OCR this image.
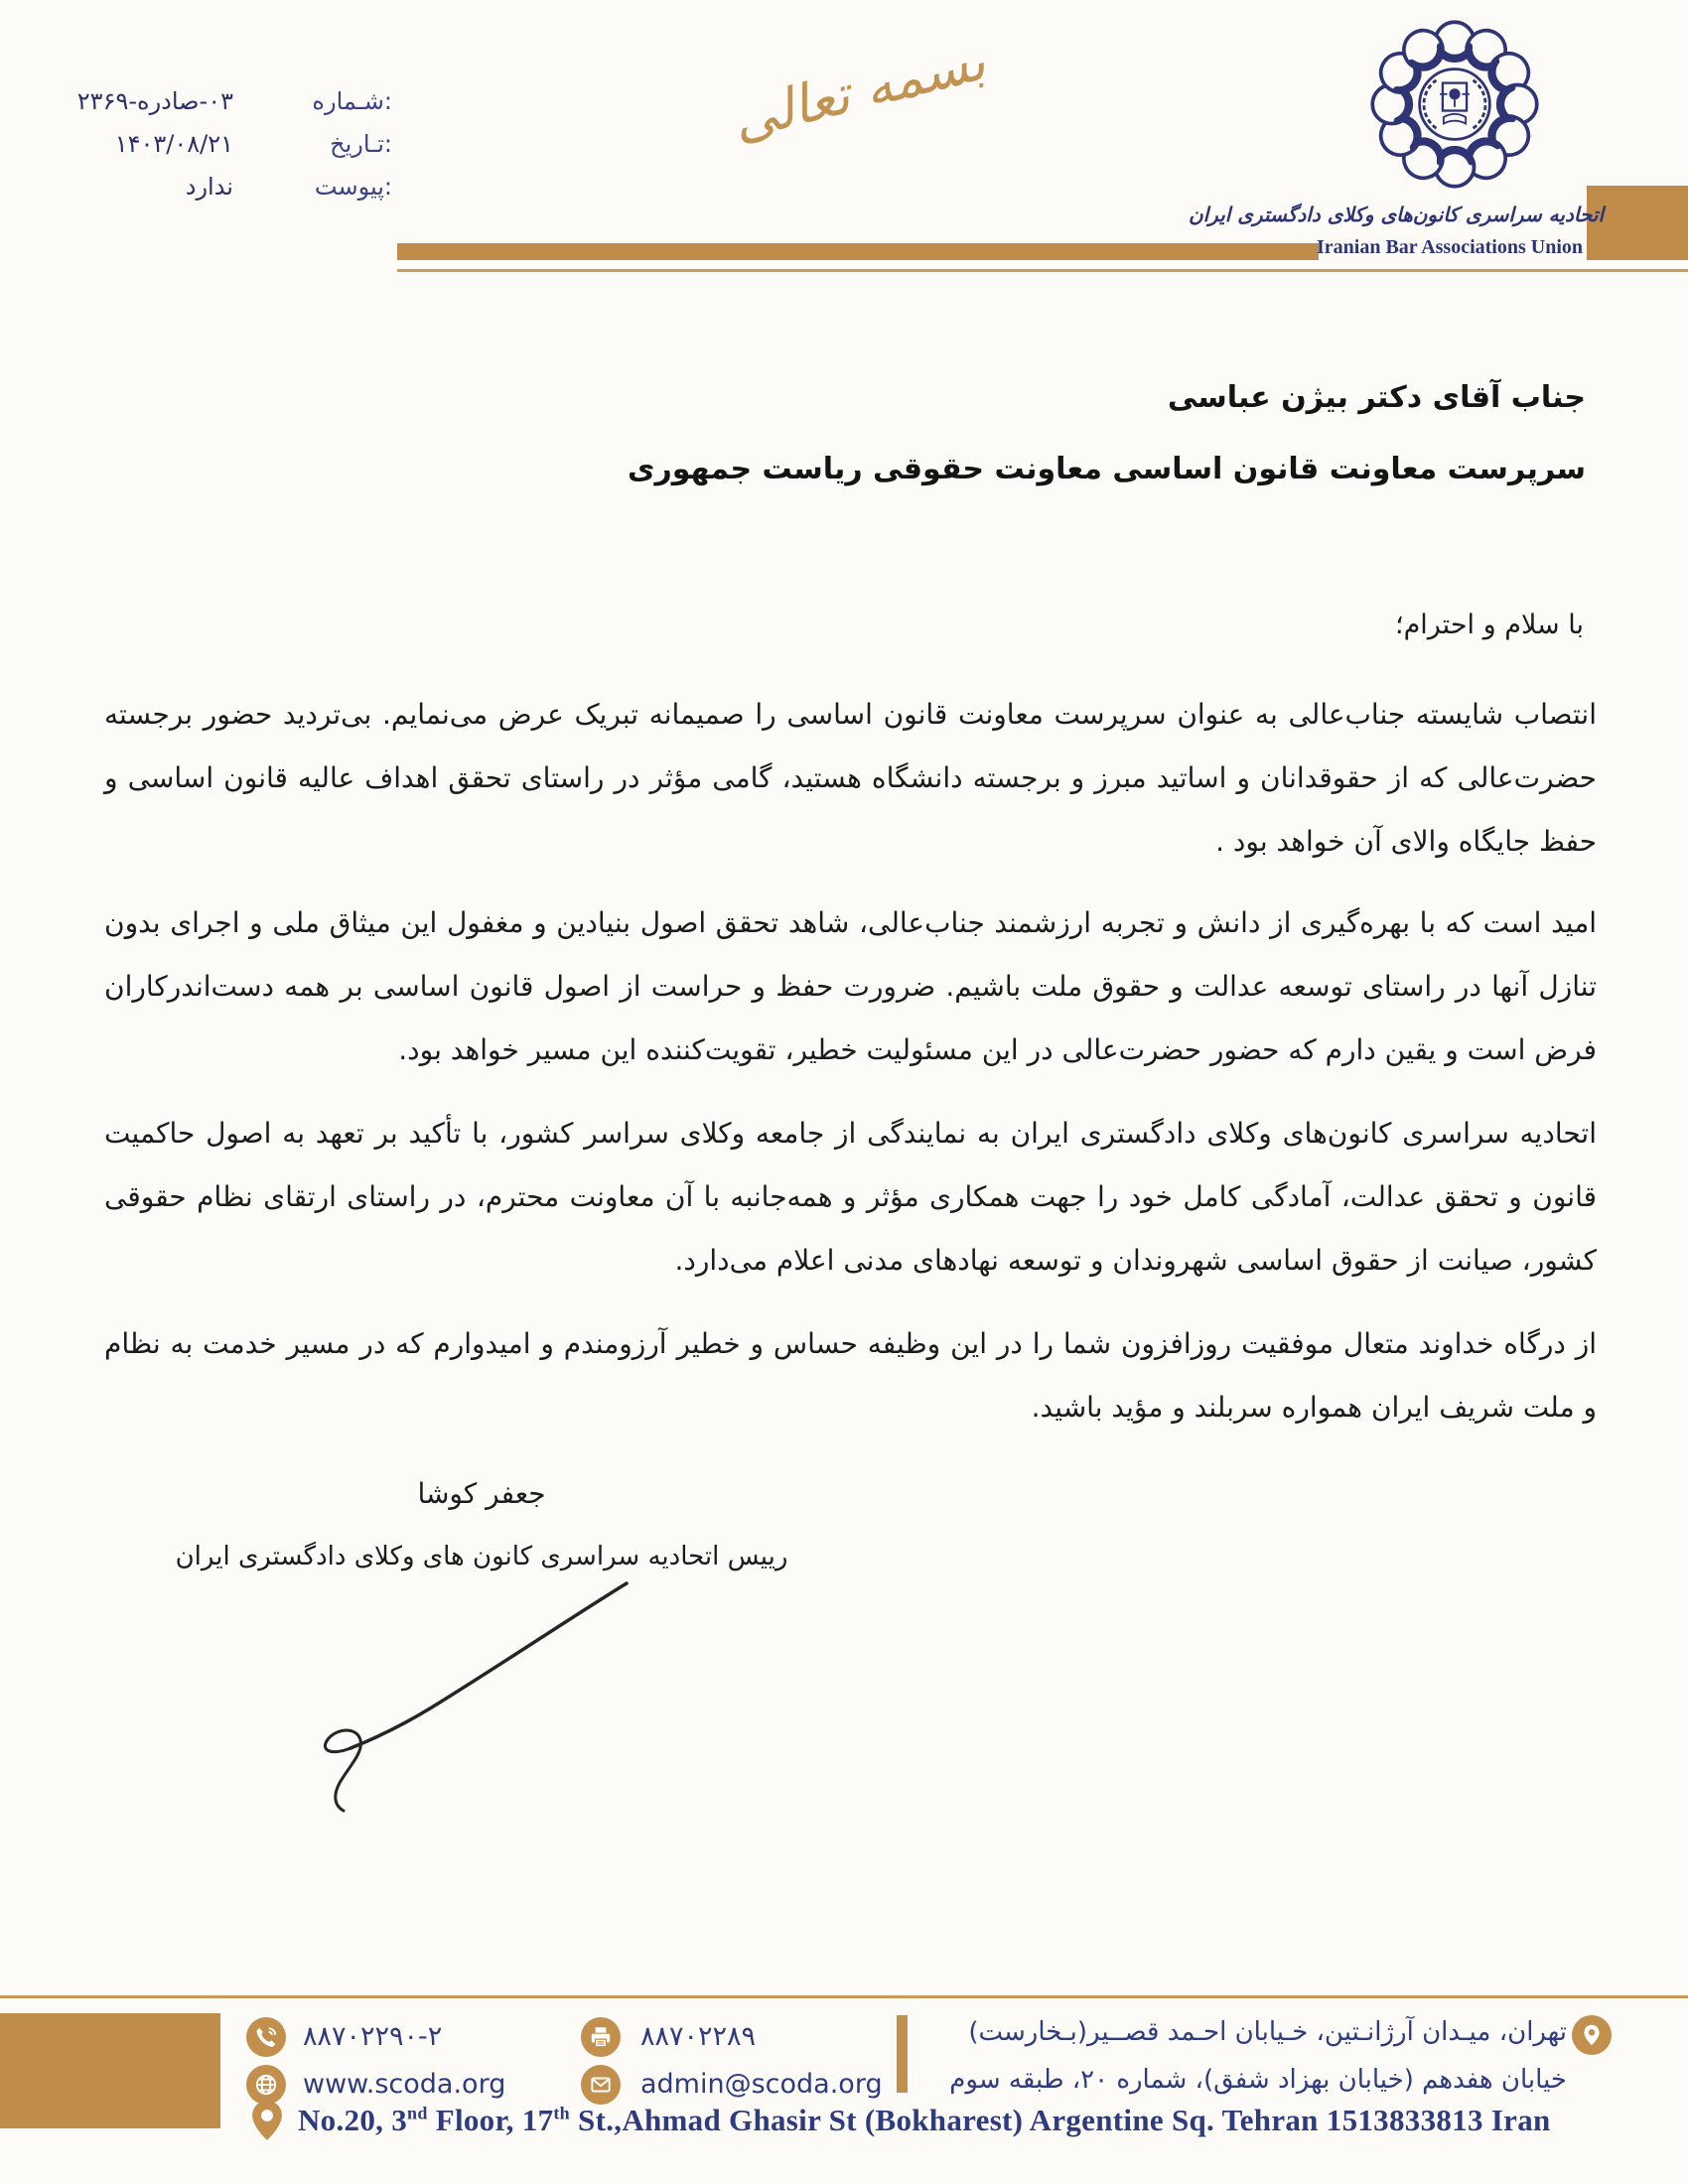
شـماره:
۰۳-صادره-۲۳۶۹
تـاریخ:
۱۴۰۳/۰۸/۲۱
پیوست:
ندارد
بسمه تعالی
اتحادیه سراسری کانون‌های وکلای دادگستری ایران
Iranian Bar Associations Union
جناب آقای دکتر بیژن عباسی
سرپرست معاونت قانون اساسی معاونت حقوقی ریاست جمهوری
با سلام و احترام؛
انتصاب شایسته جناب‌عالی به عنوان سرپرست معاونت قانون اساسی را صمیمانه تبریک عرض می‌نمایم. بی‌تردید حضور برجسته حضرت‌عالی که از حقوقدانان و اساتید مبرز و برجسته دانشگاه هستید، گامی مؤثر در راستای تحقق اهداف عالیه قانون اساسی و حفظ جایگاه والای آن خواهد بود .
امید است که با بهره‌گیری از دانش و تجربه ارزشمند جناب‌عالی، شاهد تحقق اصول بنیادین و مغفول این میثاق ملی و اجرای بدون تنازل آنها در راستای توسعه عدالت و حقوق ملت باشیم. ضرورت حفظ و حراست از اصول قانون اساسی بر همه دست‌اندرکاران فرض است و یقین دارم که حضور حضرت‌عالی در این مسئولیت خطیر، تقویت‌کننده این مسیر خواهد بود.
اتحادیه سراسری کانون‌های وکلای دادگستری ایران به نمایندگی از جامعه وکلای سراسر کشور، با تأکید بر تعهد به اصول حاکمیت قانون و تحقق عدالت، آمادگی کامل خود را جهت همکاری مؤثر و همه‌جانبه با آن معاونت محترم، در راستای ارتقای نظام حقوقی کشور، صیانت از حقوق اساسی شهروندان و توسعه نهادهای مدنی اعلام می‌دارد.
از درگاه خداوند متعال موفقیت روزافزون شما را در این وظیفه حساس و خطیر آرزومندم و امیدوارم که در مسیر خدمت به نظام و ملت شریف ایران همواره سربلند و مؤید باشید.
جعفر کوشا
رییس اتحادیه سراسری کانون های وکلای دادگستری ایران
۸۸۷۰۲۲۹۰-۲	۸۸۷۰۲۲۸۹
www.scoda.org	admin@scoda.org
تهران، میـدان آرژانـتین، خـیابان احـمد قصــیر(بـخارست)
خیابان هفدهم (خیابان بهزاد شفق)، شماره ۲۰، طبقه سوم
No.20, 3nd Floor, 17th St.,Ahmad Ghasir St (Bokharest) Argentine Sq. Tehran 1513833813 Iran
